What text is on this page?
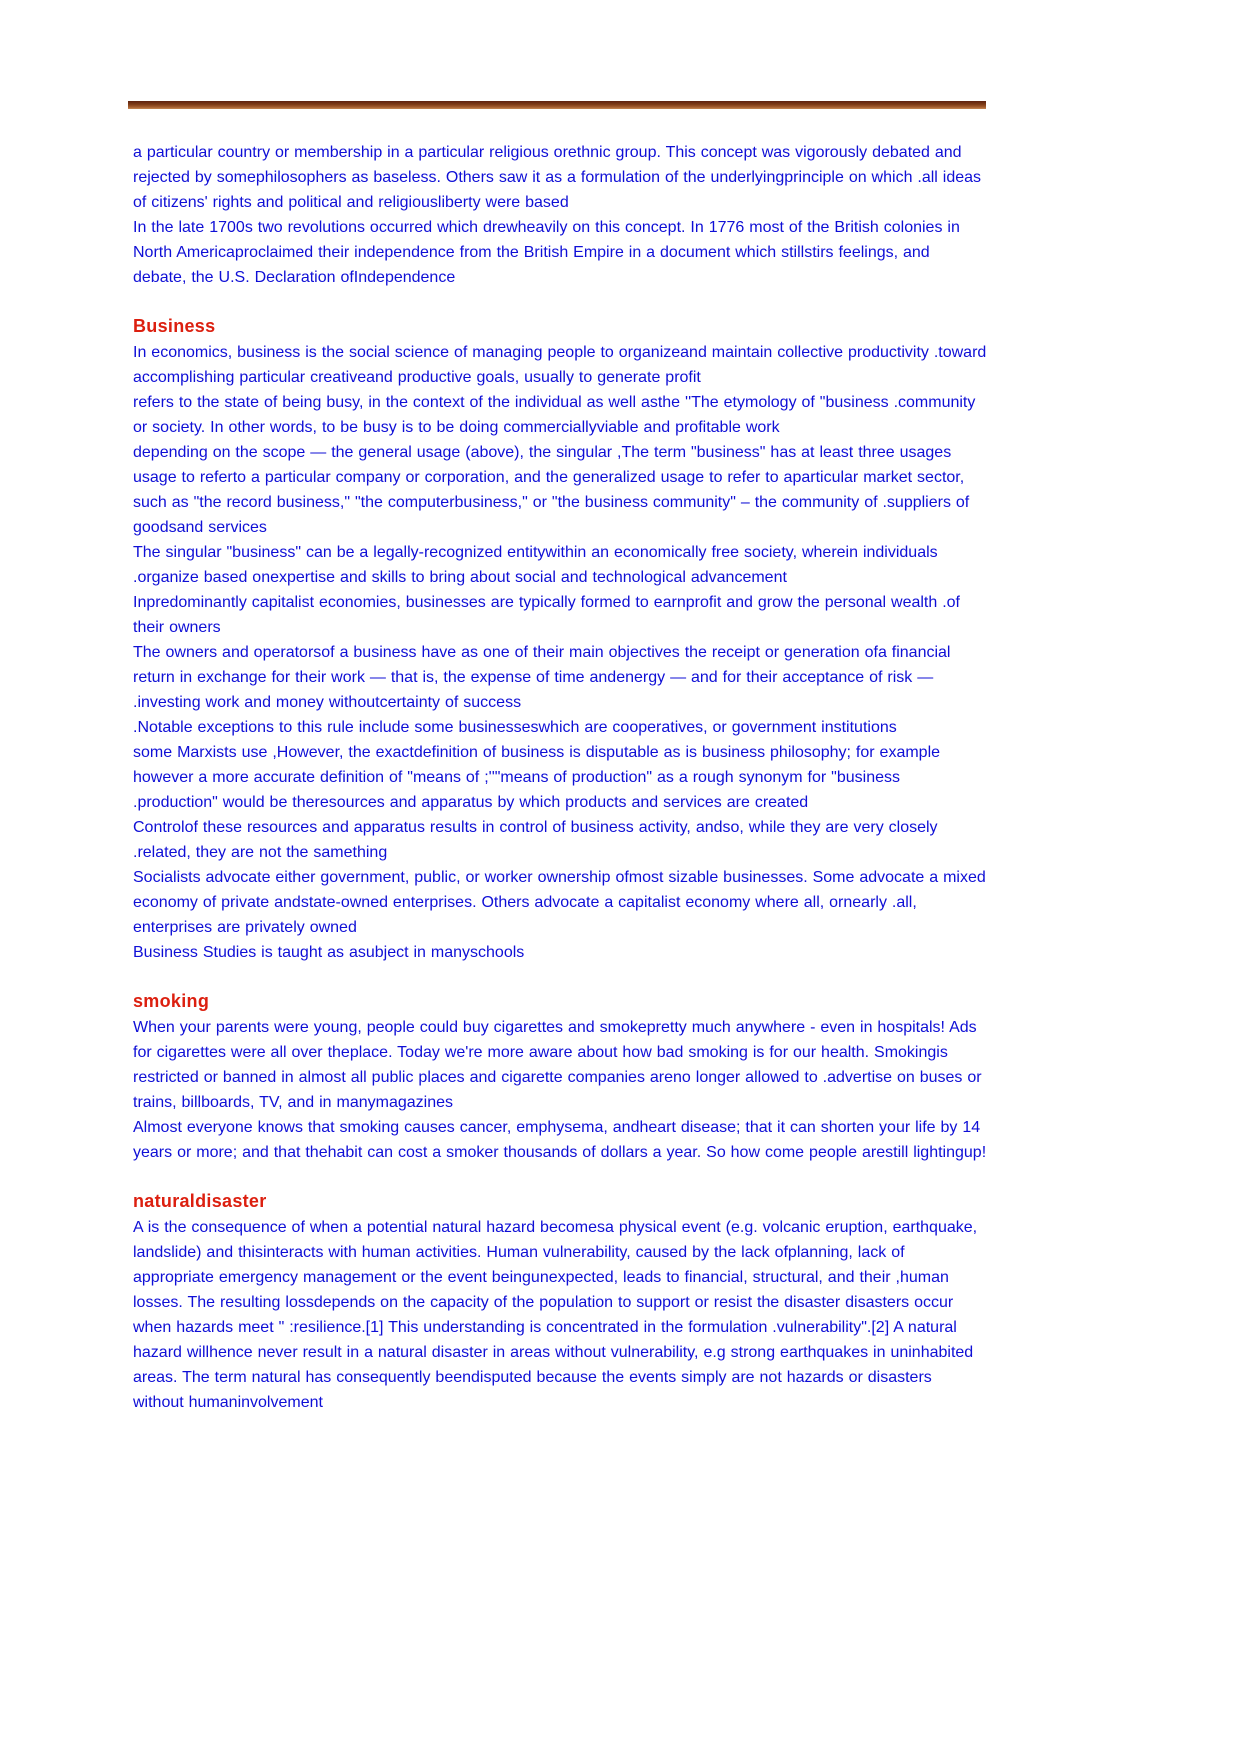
a particular country or membership in a particular religious orethnic group. This concept was vigorously debated and rejected by somephilosophers as baseless. Others saw it as a formulation of the underlyingprinciple on which .all ideas of citizens' rights and political and religiousliberty were based

In the late 1700s two revolutions occurred which drewheavily on this concept. In 1776 most of the British colonies in North Americaproclaimed their independence from the British Empire in a document which stillstirs feelings, and debate, the U.S. Declaration ofIndependence

Business

In economics, business is the social science of managing people to organizeand maintain collective productivity .toward accomplishing particular creativeand productive goals, usually to generate profit

refers to the state of being busy, in the context of the individual as well asthe ''The etymology of "business .community or society. In other words, to be busy is to be doing commerciallyviable and profitable work

depending on the scope — the general usage (above), the singular ,The term "business" has at least three usages usage to referto a particular company or corporation, and the generalized usage to refer to aparticular market sector, such as "the record business," "the computerbusiness," or "the business community" – the community of .suppliers of goodsand services

The singular "business" can be a legally-recognized entitywithin an economically free society, wherein individuals .organize based onexpertise and skills to bring about social and technological advancement

Inpredominantly capitalist economies, businesses are typically formed to earnprofit and grow the personal wealth .of their owners

The owners and operatorsof a business have as one of their main objectives the receipt or generation ofa financial return in exchange for their work — that is, the expense of time andenergy — and for their acceptance of risk — .investing work and money withoutcertainty of success

.Notable exceptions to this rule include some businesseswhich are cooperatives, or government institutions

some Marxists use ,However, the exactdefinition of business is disputable as is business philosophy; for example however a more accurate definition of "means of ;''"means of production" as a rough synonym for "business .production" would be theresources and apparatus by which products and services are created

Controlof these resources and apparatus results in control of business activity, andso, while they are very closely .related, they are not the samething

Socialists advocate either government, public, or worker ownership ofmost sizable businesses. Some advocate a mixed economy of private andstate-owned enterprises. Others advocate a capitalist economy where all, ornearly .all, enterprises are privately owned

Business Studies is taught as asubject in manyschools

smoking

When your parents were young, people could buy cigarettes and smokepretty much anywhere - even in hospitals! Ads for cigarettes were all over theplace. Today we're more aware about how bad smoking is for our health. Smokingis restricted or banned in almost all public places and cigarette companies areno longer allowed to .advertise on buses or trains, billboards, TV, and in manymagazines

Almost everyone knows that smoking causes cancer, emphysema, andheart disease; that it can shorten your life by 14 years or more; and that thehabit can cost a smoker thousands of dollars a year. So how come people arestill lightingup!

naturaldisaster

A is the consequence of when a potential natural hazard becomesa physical event (e.g. volcanic eruption, earthquake, landslide) and thisinteracts with human activities. Human vulnerability, caused by the lack ofplanning, lack of appropriate emergency management or the event beingunexpected, leads to financial, structural, and their ,human losses. The resulting lossdepends on the capacity of the population to support or resist the disaster disasters occur when hazards meet " :resilience.[1] This understanding is concentrated in the formulation .vulnerability".[2] A natural hazard willhence never result in a natural disaster in areas without vulnerability, e.g strong earthquakes in uninhabited areas. The term natural has consequently beendisputed because the events simply are not hazards or disasters without humaninvolvement
